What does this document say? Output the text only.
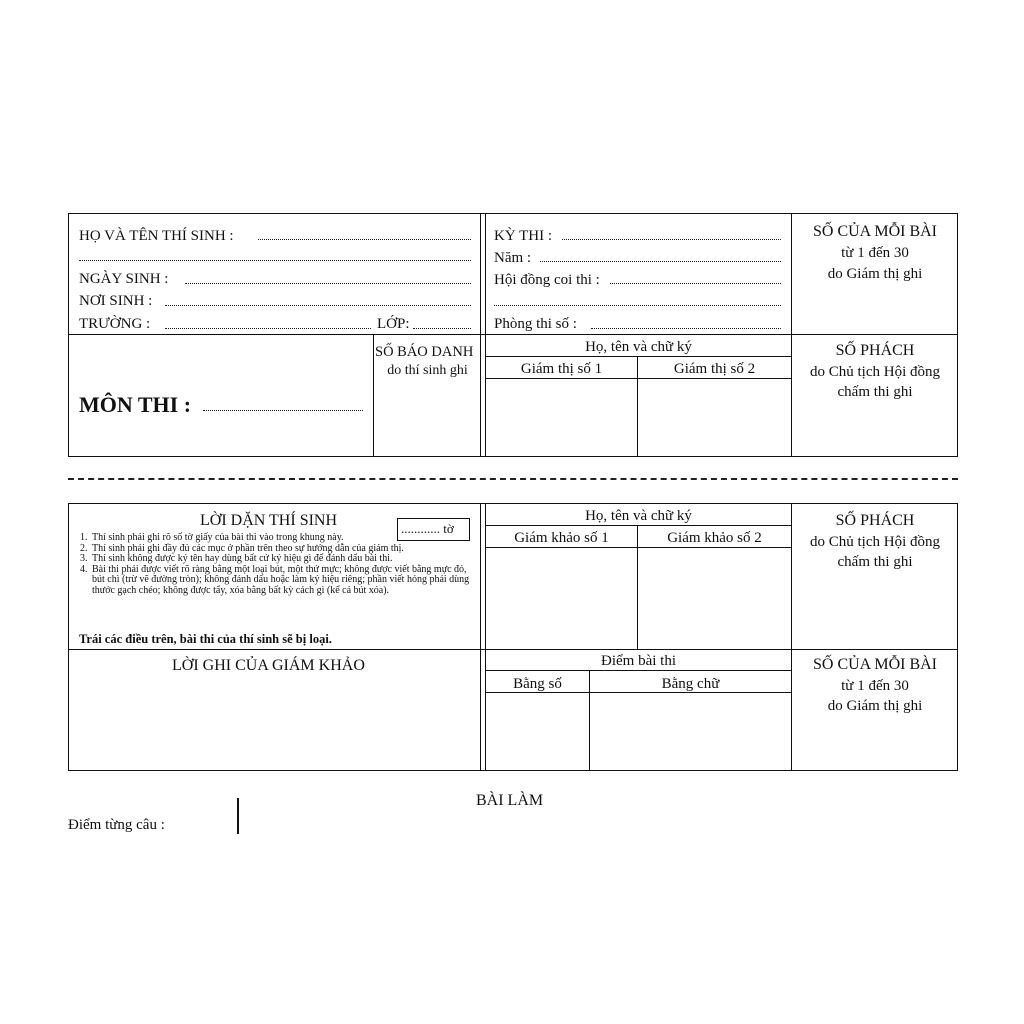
HỌ VÀ TÊN THÍ SINH :
NGÀY SINH :
NƠI SINH :
TRƯỜNG :	LỚP:
KỲ THI :
Năm :
Hội đồng coi thi :
Phòng thi số :
SỐ CỦA MỖI BÀI
từ 1 đến 30
do Giám thị ghi
MÔN THI :
SỐ BÁO DANH
do thí sinh ghi
Họ, tên và chữ ký
Giám thị số 1	Giám thị số 2
SỐ PHÁCH
do Chủ tịch Hội đồng
chấm thi ghi
LỜI DẶN THÍ SINH	............ tờ
1. Thí sinh phải ghi rõ số tờ giấy của bài thi vào trong khung này.
2. Thí sinh phải ghi đầy đủ các mục ở phần trên theo sự hướng dẫn của giám thị.
3. Thí sinh không được ký tên hay dùng bất cứ ký hiệu gì để đánh dấu bài thi.
4. Bài thi phải được viết rõ ràng bằng một loại bút, một thứ mực; không được viết bằng mực đỏ, bút chì (trừ vẽ đường tròn); không đánh dấu hoặc làm ký hiệu riêng; phần viết hỏng phải dùng thước gạch chéo; không được tẩy, xóa bằng bất kỳ cách gì (kể cả bút xóa).
Trái các điều trên, bài thi của thí sinh sẽ bị loại.
Họ, tên và chữ ký
Giám khảo số 1	Giám khảo số 2
SỐ PHÁCH
do Chủ tịch Hội đồng
chấm thi ghi
LỜI GHI CỦA GIÁM KHẢO	Điểm bài thi
Bằng số	Bằng chữ
SỐ CỦA MỖI BÀI
từ 1 đến 30
do Giám thị ghi
BÀI LÀM
Điểm từng câu :
